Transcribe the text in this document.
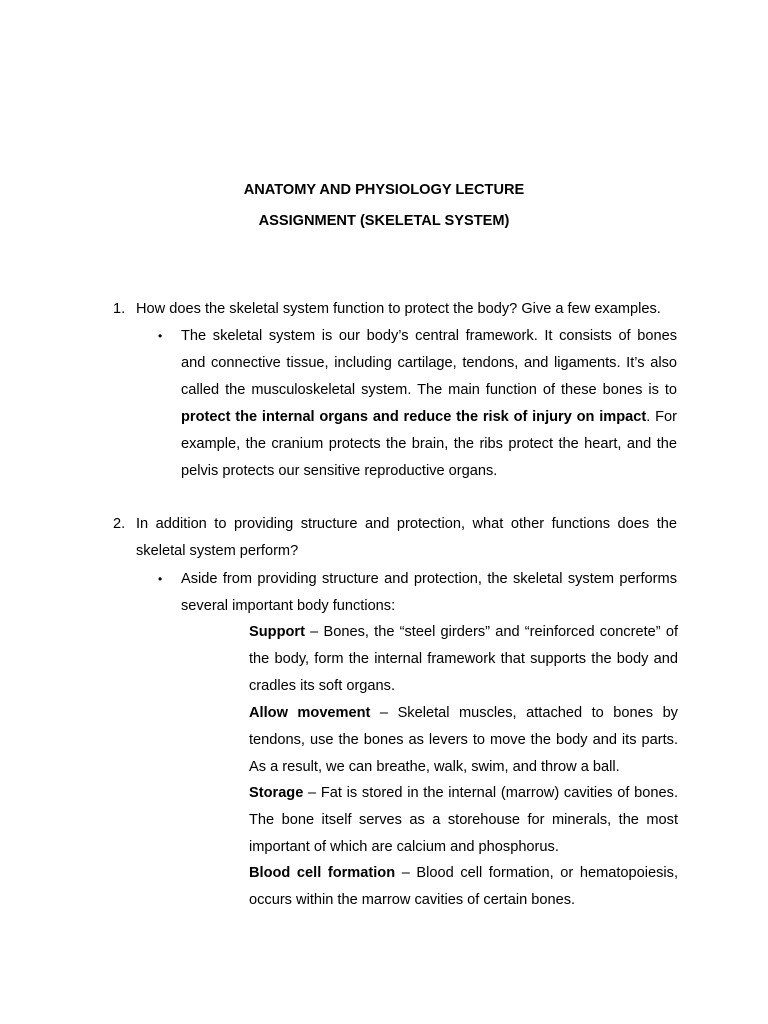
ANATOMY AND PHYSIOLOGY LECTURE
ASSIGNMENT (SKELETAL SYSTEM)
1. How does the skeletal system function to protect the body? Give a few examples.
• The skeletal system is our body’s central framework. It consists of bones and connective tissue, including cartilage, tendons, and ligaments. It’s also called the musculoskeletal system. The main function of these bones is to protect the internal organs and reduce the risk of injury on impact. For example, the cranium protects the brain, the ribs protect the heart, and the pelvis protects our sensitive reproductive organs.

2. In addition to providing structure and protection, what other functions does the skeletal system perform?
• Aside from providing structure and protection, the skeletal system performs several important body functions:

Support – Bones, the “steel girders” and “reinforced concrete” of the body, form the internal framework that supports the body and cradles its soft organs.

Allow movement – Skeletal muscles, attached to bones by tendons, use the bones as levers to move the body and its parts. As a result, we can breathe, walk, swim, and throw a ball.

Storage – Fat is stored in the internal (marrow) cavities of bones. The bone itself serves as a storehouse for minerals, the most important of which are calcium and phosphorus.

Blood cell formation – Blood cell formation, or hematopoiesis, occurs within the marrow cavities of certain bones.
